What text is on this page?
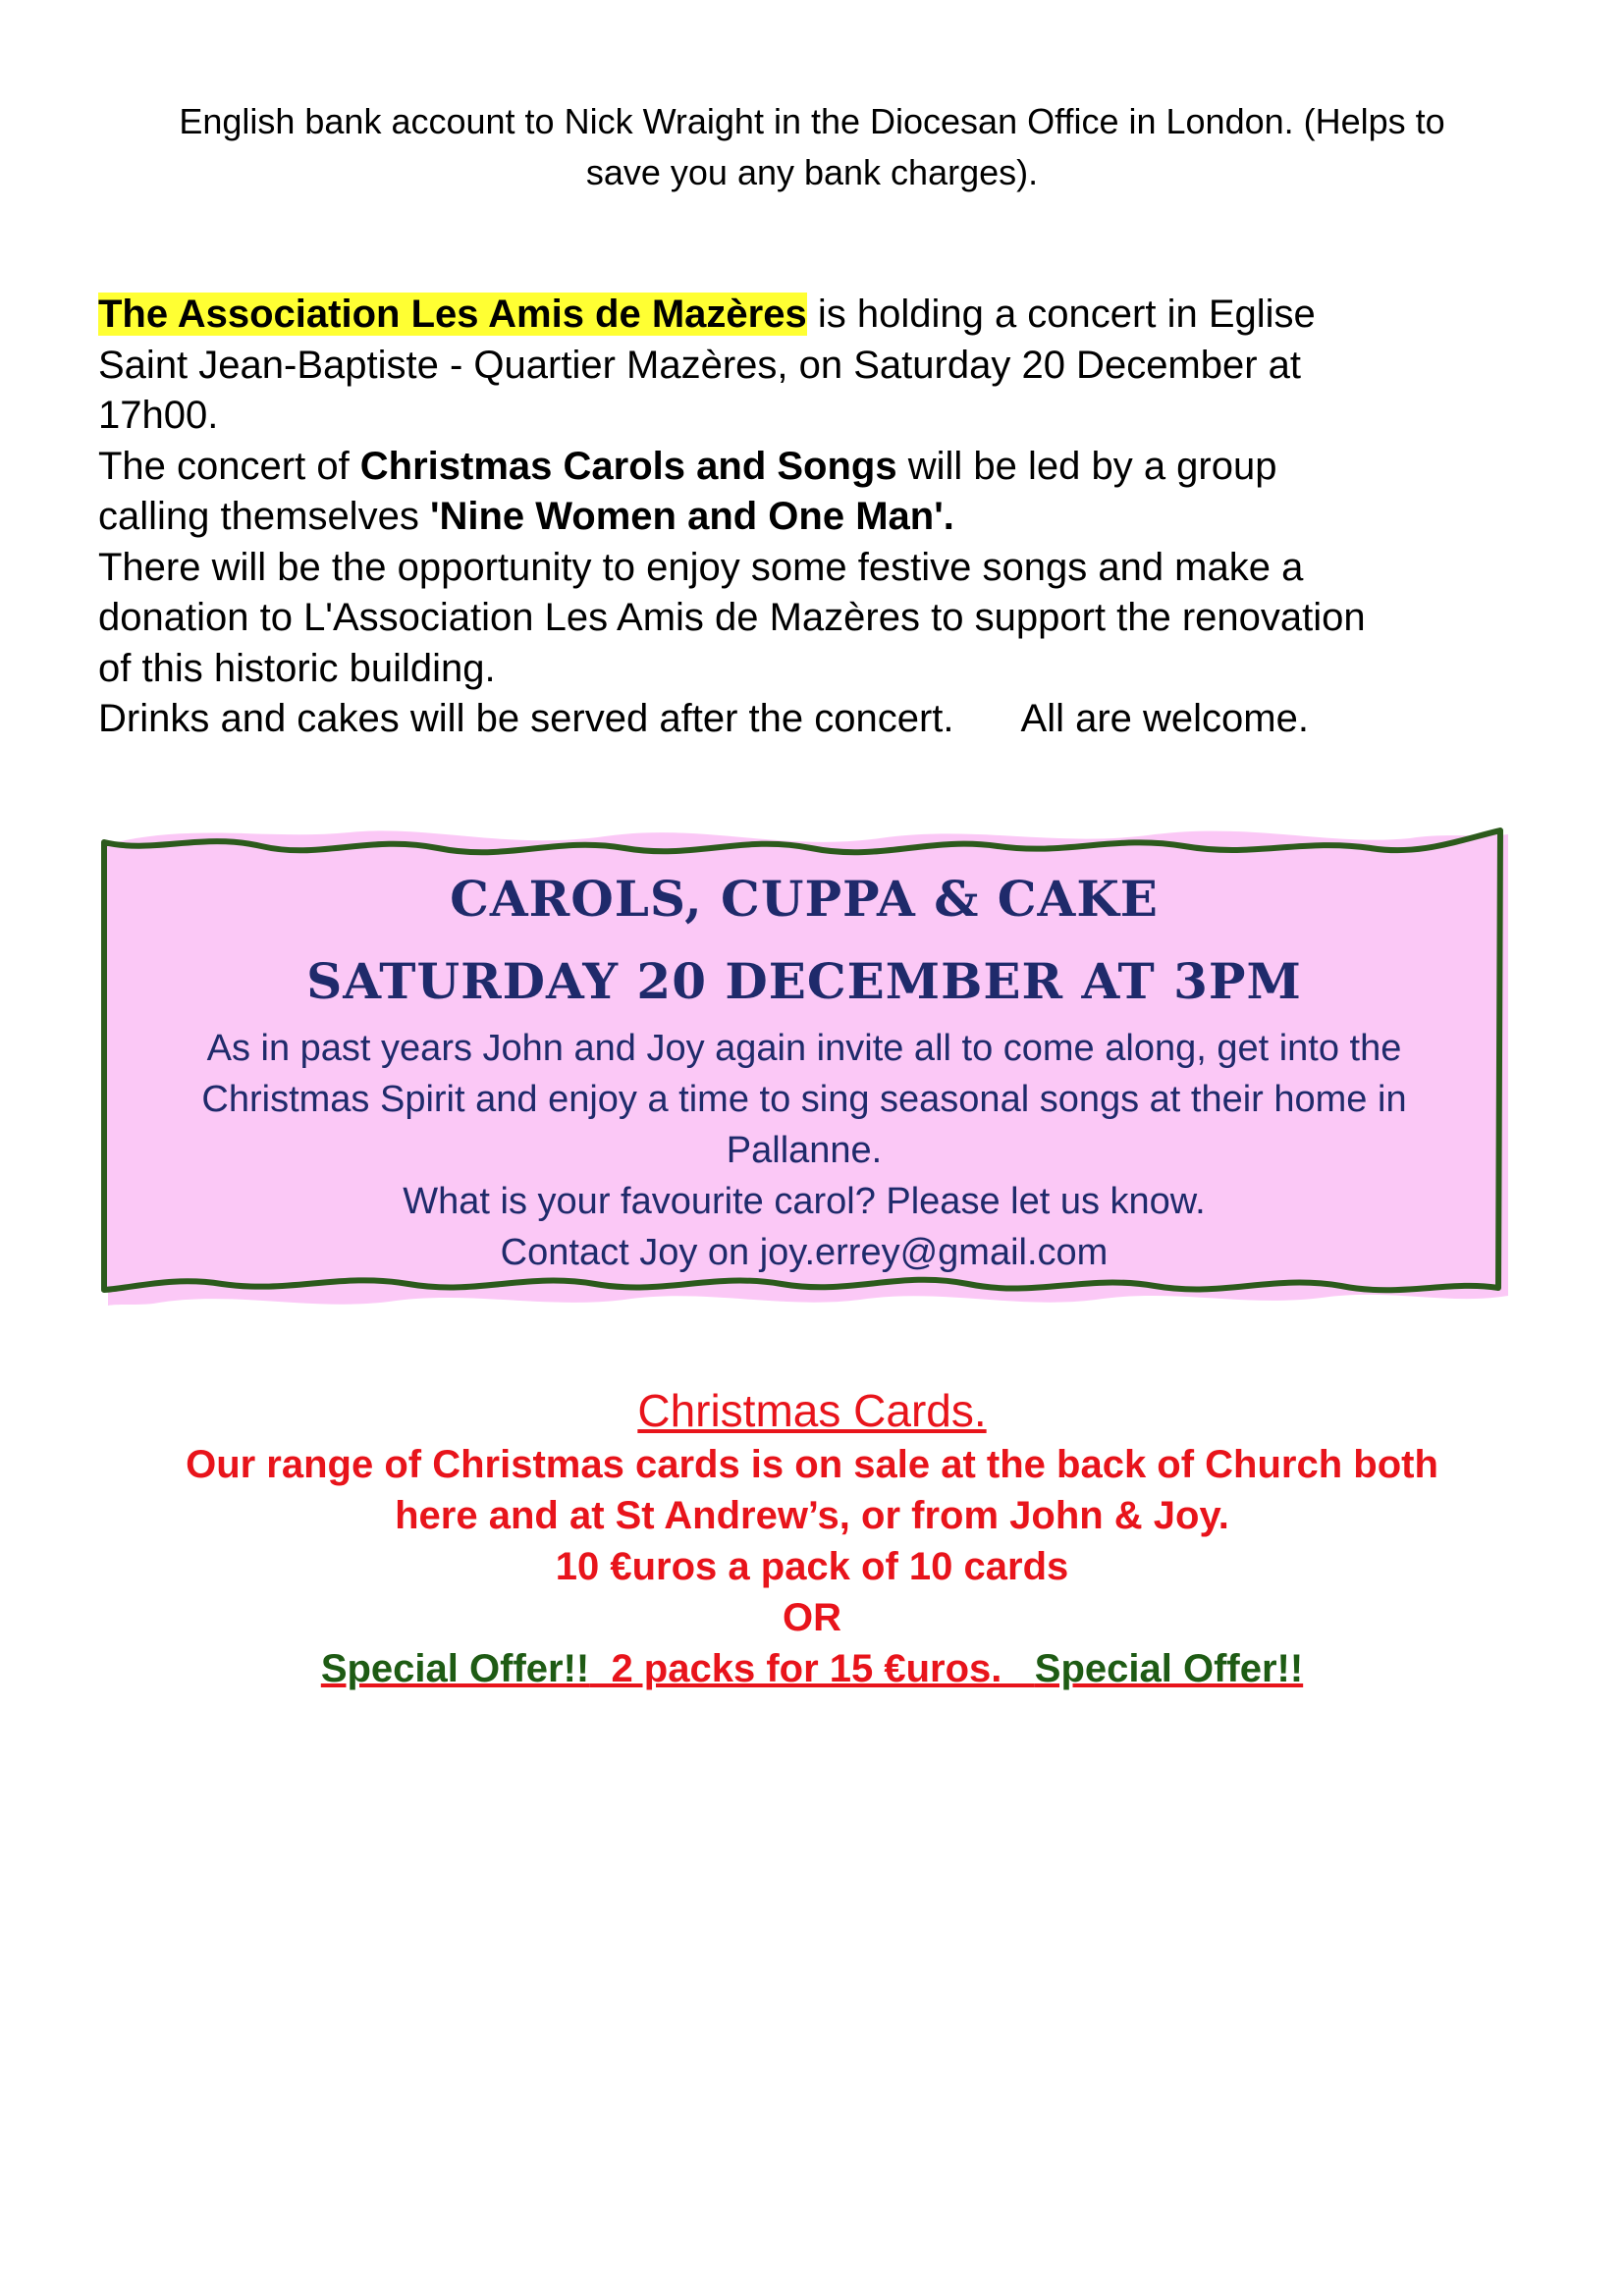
English bank account to Nick Wraight in the Diocesan Office in London. (Helps to
save you any bank charges).

The Association Les Amis de Mazères is holding a concert in Eglise

Saint Jean-Baptiste - Quartier Mazères, on Saturday 20 December at

17h00.

The concert of Christmas Carols and Songs will be led by a group

calling themselves 'Nine Women and One Man'.

There will be the opportunity to enjoy some festive songs and make a

donation to L'Association Les Amis de Mazères to support the renovation

of this historic building.

Drinks and cakes will be served after the concert. All are welcome.

CAROLS, CUPPA & CAKE
SATURDAY 20 DECEMBER AT 3PM
As in past years John and Joy again invite all to come along, get into the
Christmas Spirit and enjoy a time to sing seasonal songs at their home in
Pallanne.
What is your favourite carol? Please let us know.
Contact Joy on joy.errey@gmail.com
Christmas Cards.
Our range of Christmas cards is on sale at the back of Church both
here and at St Andrew’s, or from John & Joy.
10 €uros a pack of 10 cards
OR
Special Offer!!  2 packs for 15 €uros.   Special Offer!!
